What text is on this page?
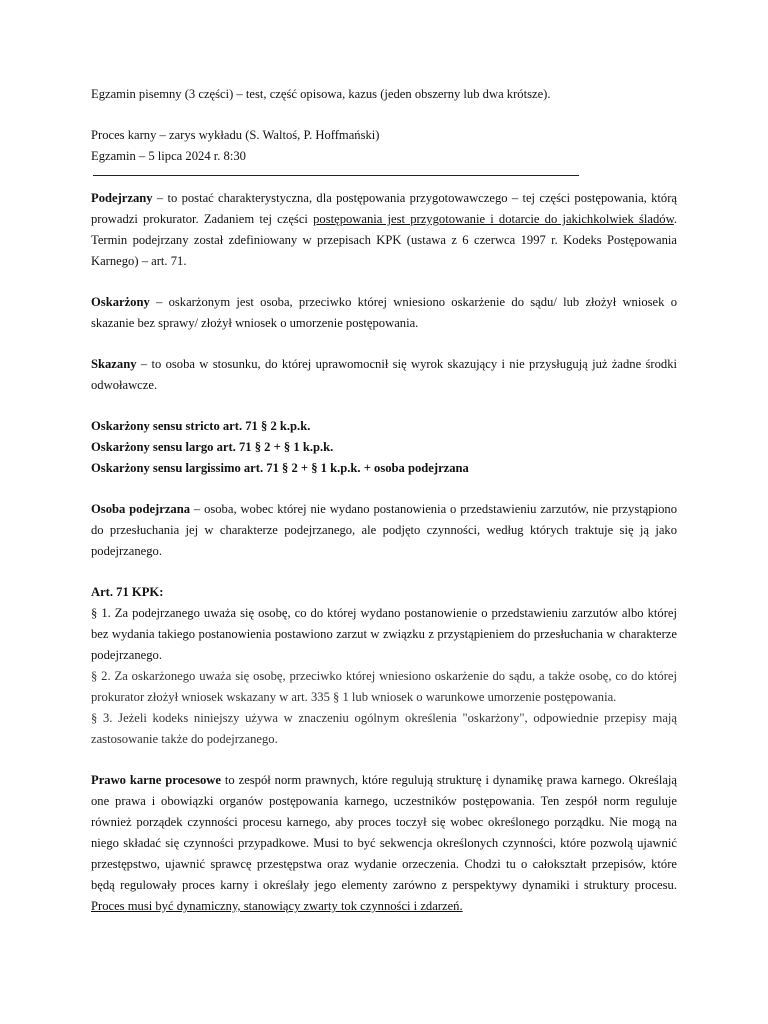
Egzamin pisemny (3 części) – test, część opisowa, kazus (jeden obszerny lub dwa krótsze).

Proces karny – zarys wykładu (S. Waltoś, P. Hoffmański)

Egzamin – 5 lipca 2024 r. 8:30

Podejrzany – to postać charakterystyczna, dla postępowania przygotowawczego – tej części postępowania, którą prowadzi prokurator. Zadaniem tej części postępowania jest przygotowanie i dotarcie do jakichkolwiek śladów. Termin podejrzany został zdefiniowany w przepisach KPK (ustawa z 6 czerwca 1997 r. Kodeks Postępowania Karnego) – art. 71.

Oskarżony – oskarżonym jest osoba, przeciwko której wniesiono oskarżenie do sądu/ lub złożył wniosek o skazanie bez sprawy/ złożył wniosek o umorzenie postępowania.

Skazany – to osoba w stosunku, do której uprawomocnił się wyrok skazujący i nie przysługują już żadne środki odwoławcze.

Oskarżony sensu stricto art. 71 § 2 k.p.k.

Oskarżony sensu largo art. 71 § 2 + § 1 k.p.k.

Oskarżony sensu largissimo art. 71 § 2 + § 1 k.p.k. + osoba podejrzana

Osoba podejrzana – osoba, wobec której nie wydano postanowienia o przedstawieniu zarzutów, nie przystąpiono do przesłuchania jej w charakterze podejrzanego, ale podjęto czynności, według których traktuje się ją jako podejrzanego.

Art. 71 KPK:

§ 1. Za podejrzanego uważa się osobę, co do której wydano postanowienie o przedstawieniu zarzutów albo której bez wydania takiego postanowienia postawiono zarzut w związku z przystąpieniem do przesłuchania w charakterze podejrzanego.

§ 2. Za oskarżonego uważa się osobę, przeciwko której wniesiono oskarżenie do sądu, a także osobę, co do której prokurator złożył wniosek wskazany w art. 335 § 1 lub wniosek o warunkowe umorzenie postępowania.

§ 3. Jeżeli kodeks niniejszy używa w znaczeniu ogólnym określenia "oskarżony", odpowiednie przepisy mają zastosowanie także do podejrzanego.

Prawo karne procesowe to zespół norm prawnych, które regulują strukturę i dynamikę prawa karnego. Określają one prawa i obowiązki organów postępowania karnego, uczestników postępowania. Ten zespół norm reguluje również porządek czynności procesu karnego, aby proces toczył się wobec określonego porządku. Nie mogą na niego składać się czynności przypadkowe. Musi to być sekwencja określonych czynności, które pozwolą ujawnić przestępstwo, ujawnić sprawcę przestępstwa oraz wydanie orzeczenia. Chodzi tu o całokształt przepisów, które będą regulowały proces karny i określały jego elementy zarówno z perspektywy dynamiki i struktury procesu. Proces musi być dynamiczny, stanowiący zwarty tok czynności i zdarzeń.
